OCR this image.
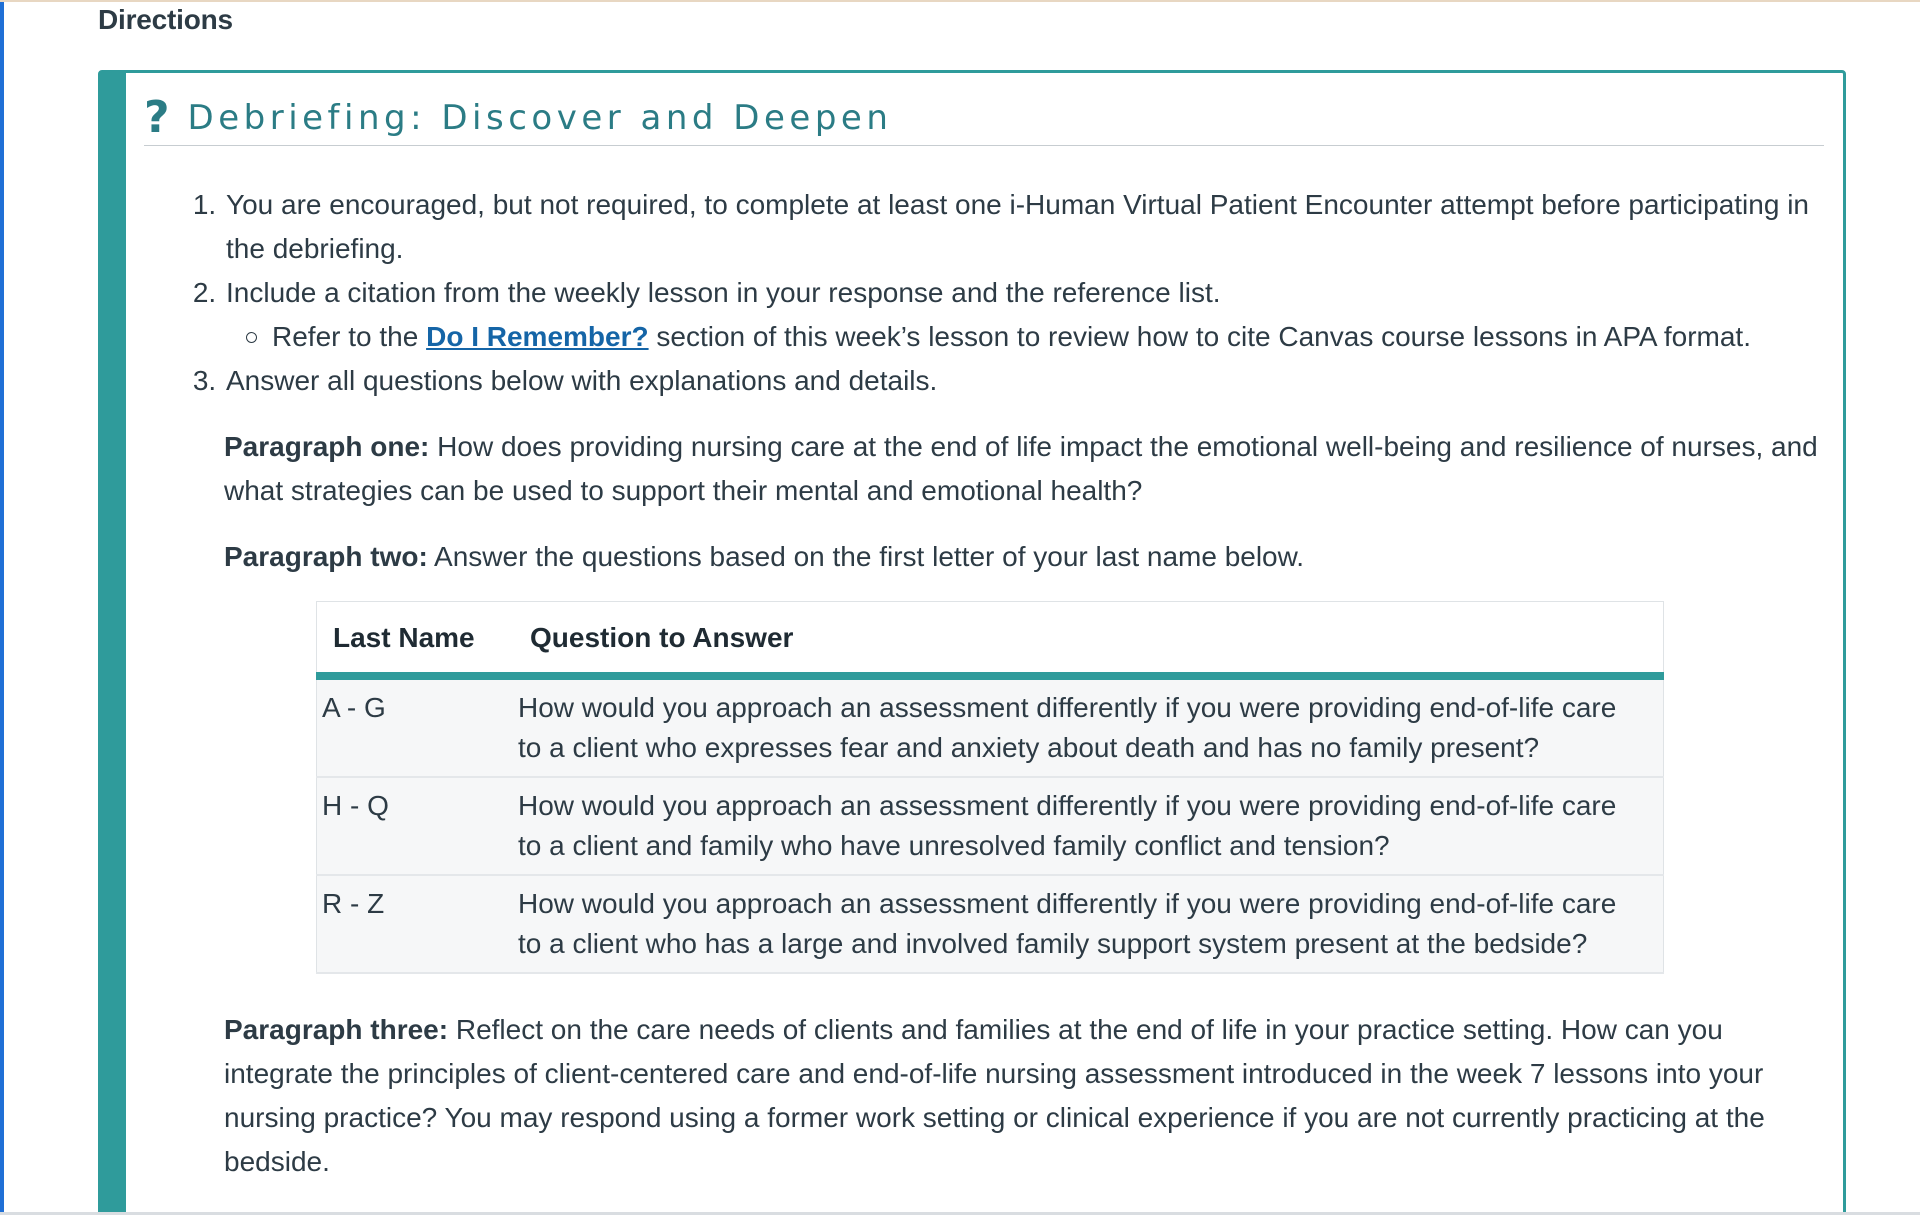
Directions
? Debriefing: Discover and Deepen
1. You are encouraged, but not required, to complete at least one i-Human Virtual Patient Encounter attempt before participating in the debriefing.
2. Include a citation from the weekly lesson in your response and the reference list.
Refer to the Do I Remember? section of this week’s lesson to review how to cite Canvas course lessons in APA format.
3. Answer all questions below with explanations and details.

Paragraph one: How does providing nursing care at the end of life impact the emotional well-being and resilience of nurses, and what strategies can be used to support their mental and emotional health?

Paragraph two: Answer the questions based on the first letter of your last name below.

Last Name	Question to Answer
A - G	How would you approach an assessment differently if you were providing end-of-life care to a client who expresses fear and anxiety about death and has no family present?
H - Q	How would you approach an assessment differently if you were providing end-of-life care to a client and family who have unresolved family conflict and tension?
R - Z	How would you approach an assessment differently if you were providing end-of-life care to a client who has a large and involved family support system present at the bedside?

Paragraph three: Reflect on the care needs of clients and families at the end of life in your practice setting. How can you integrate the principles of client-centered care and end-of-life nursing assessment introduced in the week 7 lessons into your nursing practice? You may respond using a former work setting or clinical experience if you are not currently practicing at the bedside.
